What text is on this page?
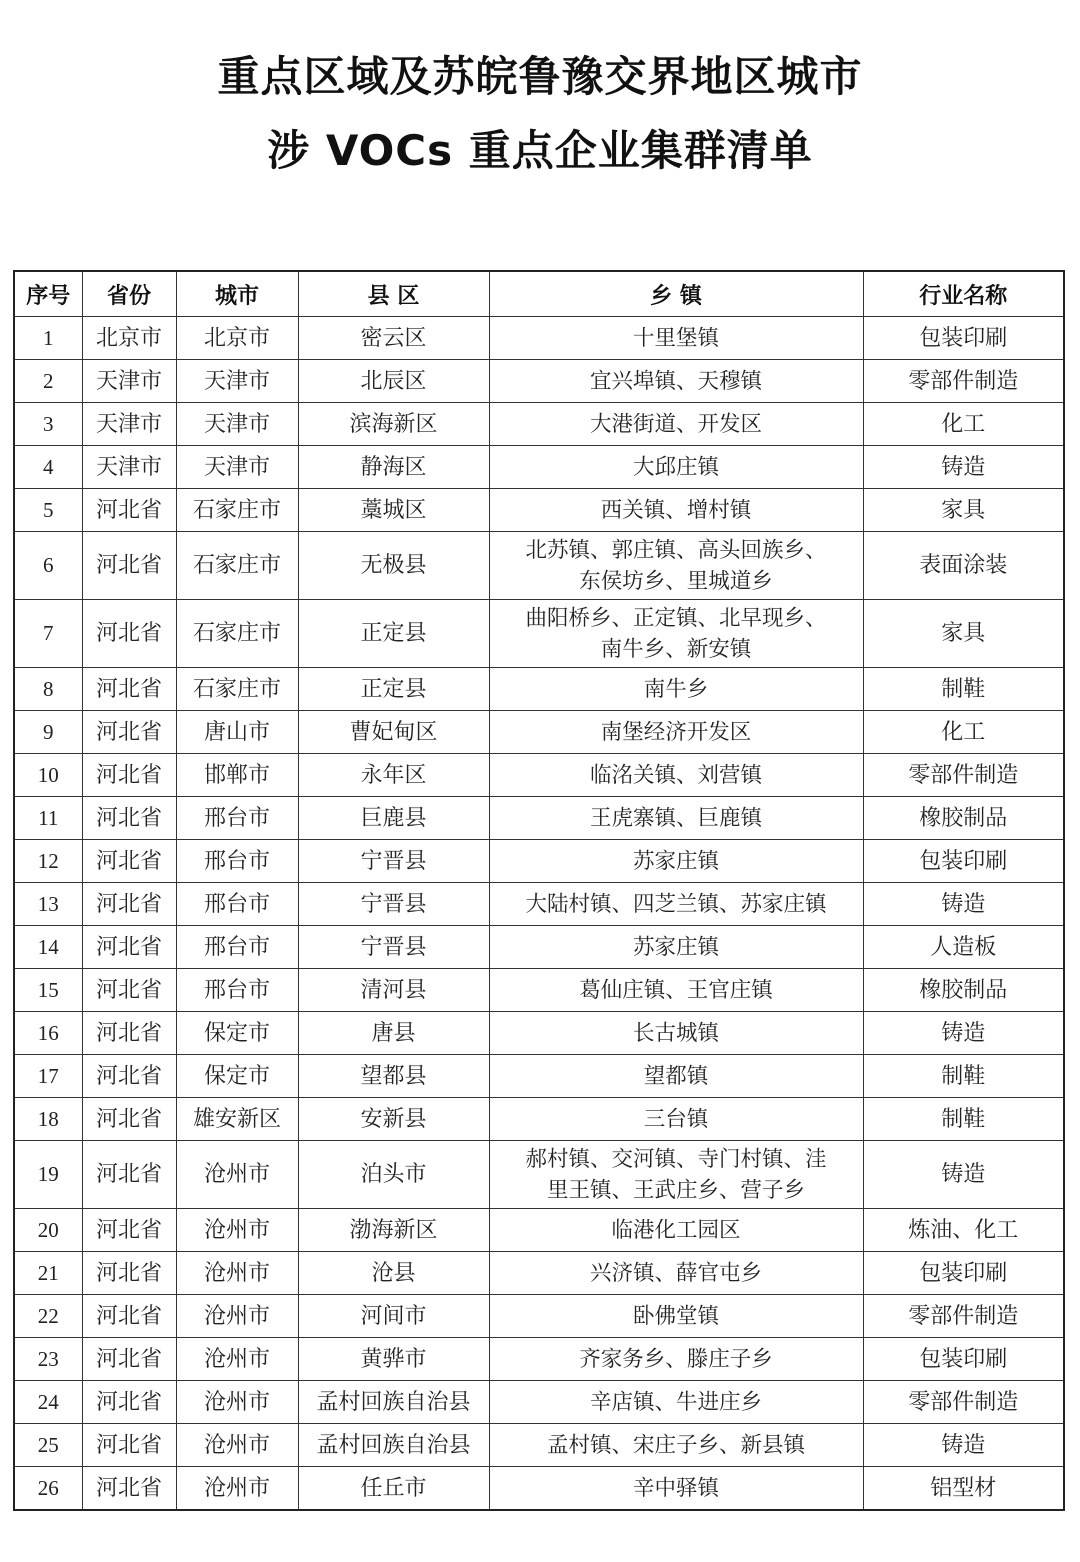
重点区域及苏皖鲁豫交界地区城市
涉 VOCs 重点企业集群清单
序号	省份	城市	县 区	乡 镇	行业名称
1	北京市	北京市	密云区	十里堡镇	包装印刷
2	天津市	天津市	北辰区	宜兴埠镇、天穆镇	零部件制造
3	天津市	天津市	滨海新区	大港街道、开发区	化工
4	天津市	天津市	静海区	大邱庄镇	铸造
5	河北省	石家庄市	藁城区	西关镇、增村镇	家具
6	河北省	石家庄市	无极县	北苏镇、郭庄镇、高头回族乡、
东侯坊乡、里城道乡	表面涂装
7	河北省	石家庄市	正定县	曲阳桥乡、正定镇、北早现乡、
南牛乡、新安镇	家具
8	河北省	石家庄市	正定县	南牛乡	制鞋
9	河北省	唐山市	曹妃甸区	南堡经济开发区	化工
10	河北省	邯郸市	永年区	临洺关镇、刘营镇	零部件制造
11	河北省	邢台市	巨鹿县	王虎寨镇、巨鹿镇	橡胶制品
12	河北省	邢台市	宁晋县	苏家庄镇	包装印刷
13	河北省	邢台市	宁晋县	大陆村镇、四芝兰镇、苏家庄镇	铸造
14	河北省	邢台市	宁晋县	苏家庄镇	人造板
15	河北省	邢台市	清河县	葛仙庄镇、王官庄镇	橡胶制品
16	河北省	保定市	唐县	长古城镇	铸造
17	河北省	保定市	望都县	望都镇	制鞋
18	河北省	雄安新区	安新县	三台镇	制鞋
19	河北省	沧州市	泊头市	郝村镇、交河镇、寺门村镇、洼
里王镇、王武庄乡、营子乡	铸造
20	河北省	沧州市	渤海新区	临港化工园区	炼油、化工
21	河北省	沧州市	沧县	兴济镇、薛官屯乡	包装印刷
22	河北省	沧州市	河间市	卧佛堂镇	零部件制造
23	河北省	沧州市	黄骅市	齐家务乡、滕庄子乡	包装印刷
24	河北省	沧州市	孟村回族自治县	辛店镇、牛进庄乡	零部件制造
25	河北省	沧州市	孟村回族自治县	孟村镇、宋庄子乡、新县镇	铸造
26	河北省	沧州市	任丘市	辛中驿镇	铝型材
